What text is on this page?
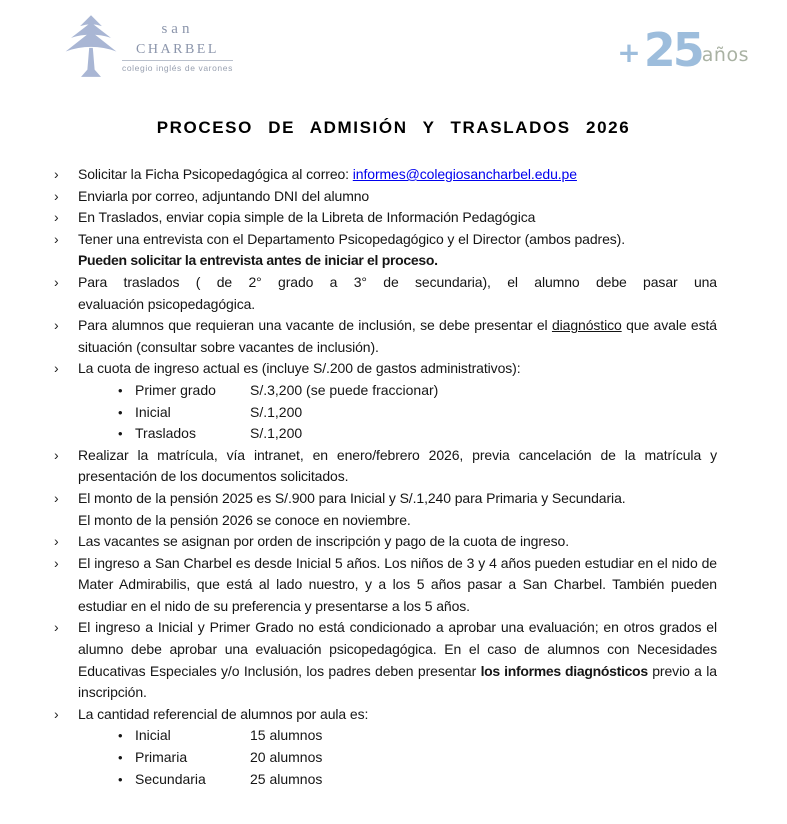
san
charbel
colegio inglés de varones	+ 25 años
PROCESO DE ADMISIÓN Y TRASLADOS 2026
›	Solicitar la Ficha Psicopedagógica al correo: informes@colegiosancharbel.edu.pe
›	Enviarla por correo, adjuntando DNI del alumno
›	En Traslados, enviar copia simple de la Libreta de Información Pedagógica
›	Tener una entrevista con el Departamento Psicopedagógico y el Director (ambos padres).
Pueden solicitar la entrevista antes de iniciar el proceso.
›	Para traslados ( de 2° grado a 3° de secundaria), el alumno debe pasar una
evaluación psicopedagógica.
›	Para alumnos que requieran una vacante de inclusión, se debe presentar el diagnóstico que avale está situación (consultar sobre vacantes de inclusión).
›	La cuota de ingreso actual es (incluye S/.200 de gastos administrativos):
• Primer grado	S/.3,200 (se puede fraccionar)
• Inicial	S/.1,200
• Traslados	S/.1,200
›	Realizar la matrícula, vía intranet, en enero/febrero 2026, previa cancelación de la matrícula y presentación de los documentos solicitados.
›	El monto de la pensión 2025 es S/.900 para Inicial y S/.1,240 para Primaria y Secundaria.
El monto de la pensión 2026 se conoce en noviembre.
›	Las vacantes se asignan por orden de inscripción y pago de la cuota de ingreso.
›	El ingreso a San Charbel es desde Inicial 5 años. Los niños de 3 y 4 años pueden estudiar en el nido de Mater Admirabilis, que está al lado nuestro, y a los 5 años pasar a San Charbel. También pueden estudiar en el nido de su preferencia y presentarse a los 5 años.
›	El ingreso a Inicial y Primer Grado no está condicionado a aprobar una evaluación; en otros grados el alumno debe aprobar una evaluación psicopedagógica. En el caso de alumnos con Necesidades Educativas Especiales y/o Inclusión, los padres deben presentar los informes diagnósticos previo a la inscripción.
›	La cantidad referencial de alumnos por aula es:
• Inicial	15 alumnos
• Primaria	20 alumnos
• Secundaria	25 alumnos
